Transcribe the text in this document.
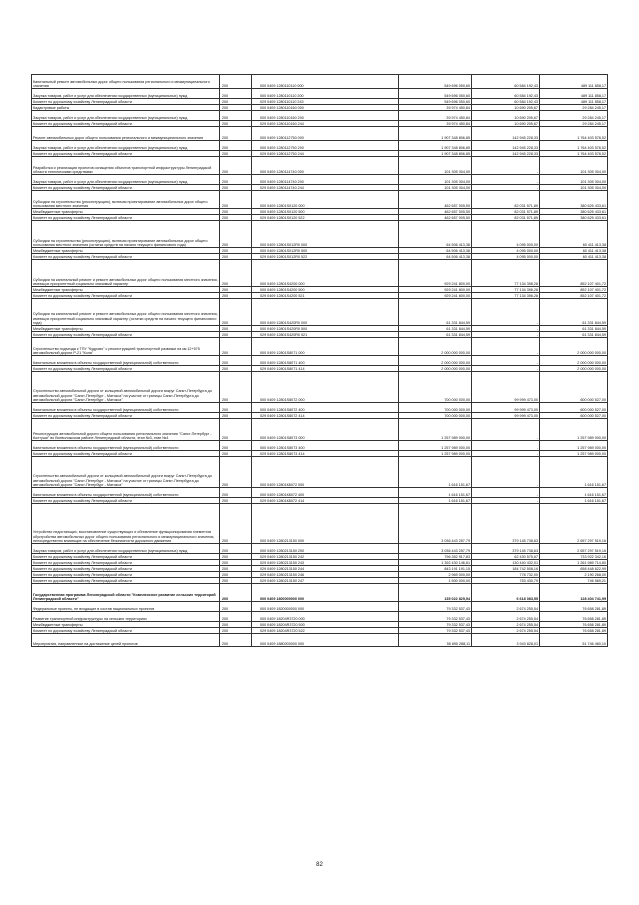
Капитальный ремонт автомобильных дорог общего пользования регионального и межмуниципального значения	200	000 0409 1280110110 000	549 696 050,60	60 584 192,43	489 111 858,17
Закупка товаров, работ и услуг для обеспечения государственных (муниципальных) нужд	200	000 0409 1280110110 200	549 696 050,60	60 584 192,43	489 111 858,17
Комитет по дорожному хозяйству Ленинградской области	200	029 0409 1280110110 243	549 696 050,60	60 584 192,43	489 111 858,17
Кадастровые работы	200	000 0409 1280110160 000	39 974 450,84	10 690 205,67	29 284 245,17
Закупка товаров, работ и услуг для обеспечения государственных (муниципальных) нужд	200	000 0409 1280110160 200	39 974 450,84	10 690 205,67	29 284 245,17
Комитет по дорожному хозяйству Ленинградской области	200	029 0409 1280110160 244	39 974 450,84	10 690 205,67	29 284 245,17
Ремонт автомобильных дорог общего пользования регионального и межмуниципального значения	200	000 0409 1280112750 000	1 907 348 806,85	142 945 228,33	1 764 403 578,52
Закупка товаров, работ и услуг для обеспечения государственных (муниципальных) нужд	200	000 0409 1280112750 200	1 907 348 806,85	142 945 228,33	1 764 403 578,52
Комитет по дорожному хозяйству Ленинградской области	200	029 0409 1280112750 244	1 907 348 806,85	142 945 228,33	1 764 403 578,52
Разработка и реализация проектов оснащения объектов транспортной инфраструктуры Ленинградской области техническими средствами	200	000 0409 1280114740 000	101 305 304,00	-	101 305 304,00
Закупка товаров, работ и услуг для обеспечения государственных (муниципальных) нужд	200	000 0409 1280114740 200	101 305 304,00	-	101 305 304,00
Комитет по дорожному хозяйству Ленинградской области	200	029 0409 1280114740 244	101 305 304,00	-	101 305 304,00
Субсидии на строительство (реконструкцию), включая проектирование автомобильных дорог общего пользования местного значения	200	000 0409 12801S0120 000	462 657 005,50	82 031 571,89	380 625 433,61
Межбюджетные трансферты	200	000 0409 12801S0120 500	462 657 005,50	82 031 571,89	380 625 433,61
Комитет по дорожному хозяйству Ленинградской области	200	029 0409 12801S0120 522	462 657 005,50	82 031 571,89	380 625 433,61
Субсидии на строительство (реконструкцию), включая проектирование автомобильных дорог общего пользования местного значения (остатки средств на начало текущего финансового года)	200	000 0409 12801S012R0 000	64 506 413,38	4 095 000,00	60 411 413,38
Межбюджетные трансферты	200	000 0409 12801S012R0 500	64 506 413,38	4 095 000,00	60 411 413,38
Комитет по дорожному хозяйству Ленинградской области	200	029 0409 12801S012R0 522	64 506 413,38	4 095 000,00	60 411 413,38
Субсидии на капитальный ремонт и ремонт автомобильных дорог общего пользования местного значения, имеющих приоритетный социально значимый характер	200	000 0409 12801S4200 000	929 241 800,00	77 134 398,28	852 107 401,72
Межбюджетные трансферты	200	000 0409 12801S4200 500	929 241 800,00	77 134 398,28	852 107 401,72
Комитет по дорожному хозяйству Ленинградской области	200	029 0409 12801S4200 521	929 241 800,00	77 134 398,28	852 107 401,72
Субсидии на капитальный ремонт и ремонт автомобильных дорог общего пользования местного значения, имеющих приоритетный социально значимый характер (остатки средств на начало текущего финансового года)	200	000 0409 12801S420R0 000	61 331 844,59	-	61 331 844,59
Межбюджетные трансферты	200	000 0409 12801S420R0 500	61 331 844,59	-	61 331 844,59
Комитет по дорожному хозяйству Ленинградской области	200	029 0409 12801S420R0 521	61 331 844,59	-	61 331 844,59
Строительство подъезда к ТПУ "Кудрово" с реконструкцией транспортной развязки на км 12+575 автомобильной дороги Р-21 "Кола"	200	000 0409 12801S8071 000	2 000 000 000,00	-	2 000 000 000,00
Капитальные вложения в объекты государственной (муниципальной) собственности	200	000 0409 12801S8071 400	2 000 000 000,00	-	2 000 000 000,00
Комитет по дорожному хозяйству Ленинградской области	200	029 0409 12801S8071 414	2 000 000 000,00	-	2 000 000 000,00
Строительство автомобильной дороги от кольцевой автомобильной дороги вокруг Санкт-Петербурга до автомобильной дороги "Санкт-Петербург - Матокса" на участке от границы Санкт-Петербурга до автомобильной дороги "Санкт-Петербург - Матокса"	200	000 0409 12801S8072 000	700 000 000,00	99 999 473,00	600 000 527,00
Капитальные вложения в объекты государственной (муниципальной) собственности	200	000 0409 12801S8072 400	700 000 000,00	99 999 473,00	600 000 527,00
Комитет по дорожному хозяйству Ленинградской области	200	029 0409 12801S8072 414	700 000 000,00	99 999 473,00	600 000 527,00
Реконструкция автомобильной дороги общего пользования регионального значения "Санкт-Петербург - Колтуши" во Всеволожском районе Ленинградской области, этап №3, этап №4	200	000 0409 12801S8073 000	1 257 989 000,00	-	1 257 989 000,00
Капитальные вложения в объекты государственной (муниципальной) собственности	200	000 0409 12801S8073 400	1 257 989 000,00	-	1 257 989 000,00
Комитет по дорожному хозяйству Ленинградской области	200	029 0409 12801S8073 414	1 257 989 000,00	-	1 257 989 000,00
Строительство автомобильной дороги от кольцевой автомобильной дороги вокруг Санкт-Петербурга до автомобильной дороги "Санкт-Петербург - Матокса" на участке от границы Санкт-Петербурга до автомобильной дороги "Санкт-Петербург - Матокса"	200	000 0409 12801К8072 000	1 616 151,67	-	1 616 151,67
Капитальные вложения в объекты государственной (муниципальной) собственности	200	000 0409 12801К8072 400	1 616 151,67	-	1 616 151,67
Комитет по дорожному хозяйству Ленинградской области	200	029 0409 12801К8072 414	1 616 151,67	-	1 616 151,67
Устройство недостающих, восстановление существующих и обновление функционирования элементов обустройства автомобильных дорог общего пользования регионального и межмуниципального значения, непосредственно влияющих на обеспечение безопасности дорожного движения	200	000 0409 1280213150 000	3 036 443 257,79	379 145 738,63	2 657 297 519,16
Закупка товаров, работ и услуг для обеспечения государственных (муниципальных) нужд	200	000 0409 1280213150 200	3 036 443 257,79	379 145 738,63	2 657 297 519,16
Комитет по дорожному хозяйству Ленинградской области	200	029 0409 1280213150 242	796 352 917,83	62 430 575,67	733 922 342,16
Комитет по дорожному хозяйству Ленинградской области	200	029 0409 1280213150 243	1 392 430 146,81	130 440 432,01	1 261 989 714,80
Комитет по дорожному хозяйству Ленинградской области	200	029 0409 1280213150 244	843 191 191,15	184 742 508,16	658 448 622,99
Комитет по дорожному хозяйству Ленинградской области	200	029 0409 1280213150 246	2 969 000,00	778 732,00	2 190 268,00
Комитет по дорожному хозяйству Ленинградской области	200	029 0409 1280213150 247	1 500 000,00	753 430,79	746 569,21
Государственная программа Ленинградской области "Комплексное развитие сельских территорий Ленинградской области"	200	000 0409 1800000000 000	135 022 825,54	6 618 083,55	128 404 741,99
Федеральные проекты, не входящие в состав национальных проектов	200	000 0409 1820000000 000	79 332 537,43	2 674 255,54	76 658 281,89
Развитие транспортной инфраструктуры на сельских территориях	200	000 0409 18204R3720 000	79 332 537,43	2 674 255,54	76 658 281,89
Межбюджетные трансферты	200	000 0409 18204R3720 500	79 332 537,43	2 674 255,54	76 658 281,89
Комитет по дорожному хозяйству Ленинградской области	200	029 0409 18204R3720 522	79 332 537,43	2 674 255,54	76 658 281,89
Мероприятия, направленные на достижение целей проектов	200	000 0409 1880000000 000	55 690 288,11	3 943 828,01	51 746 460,10
82
